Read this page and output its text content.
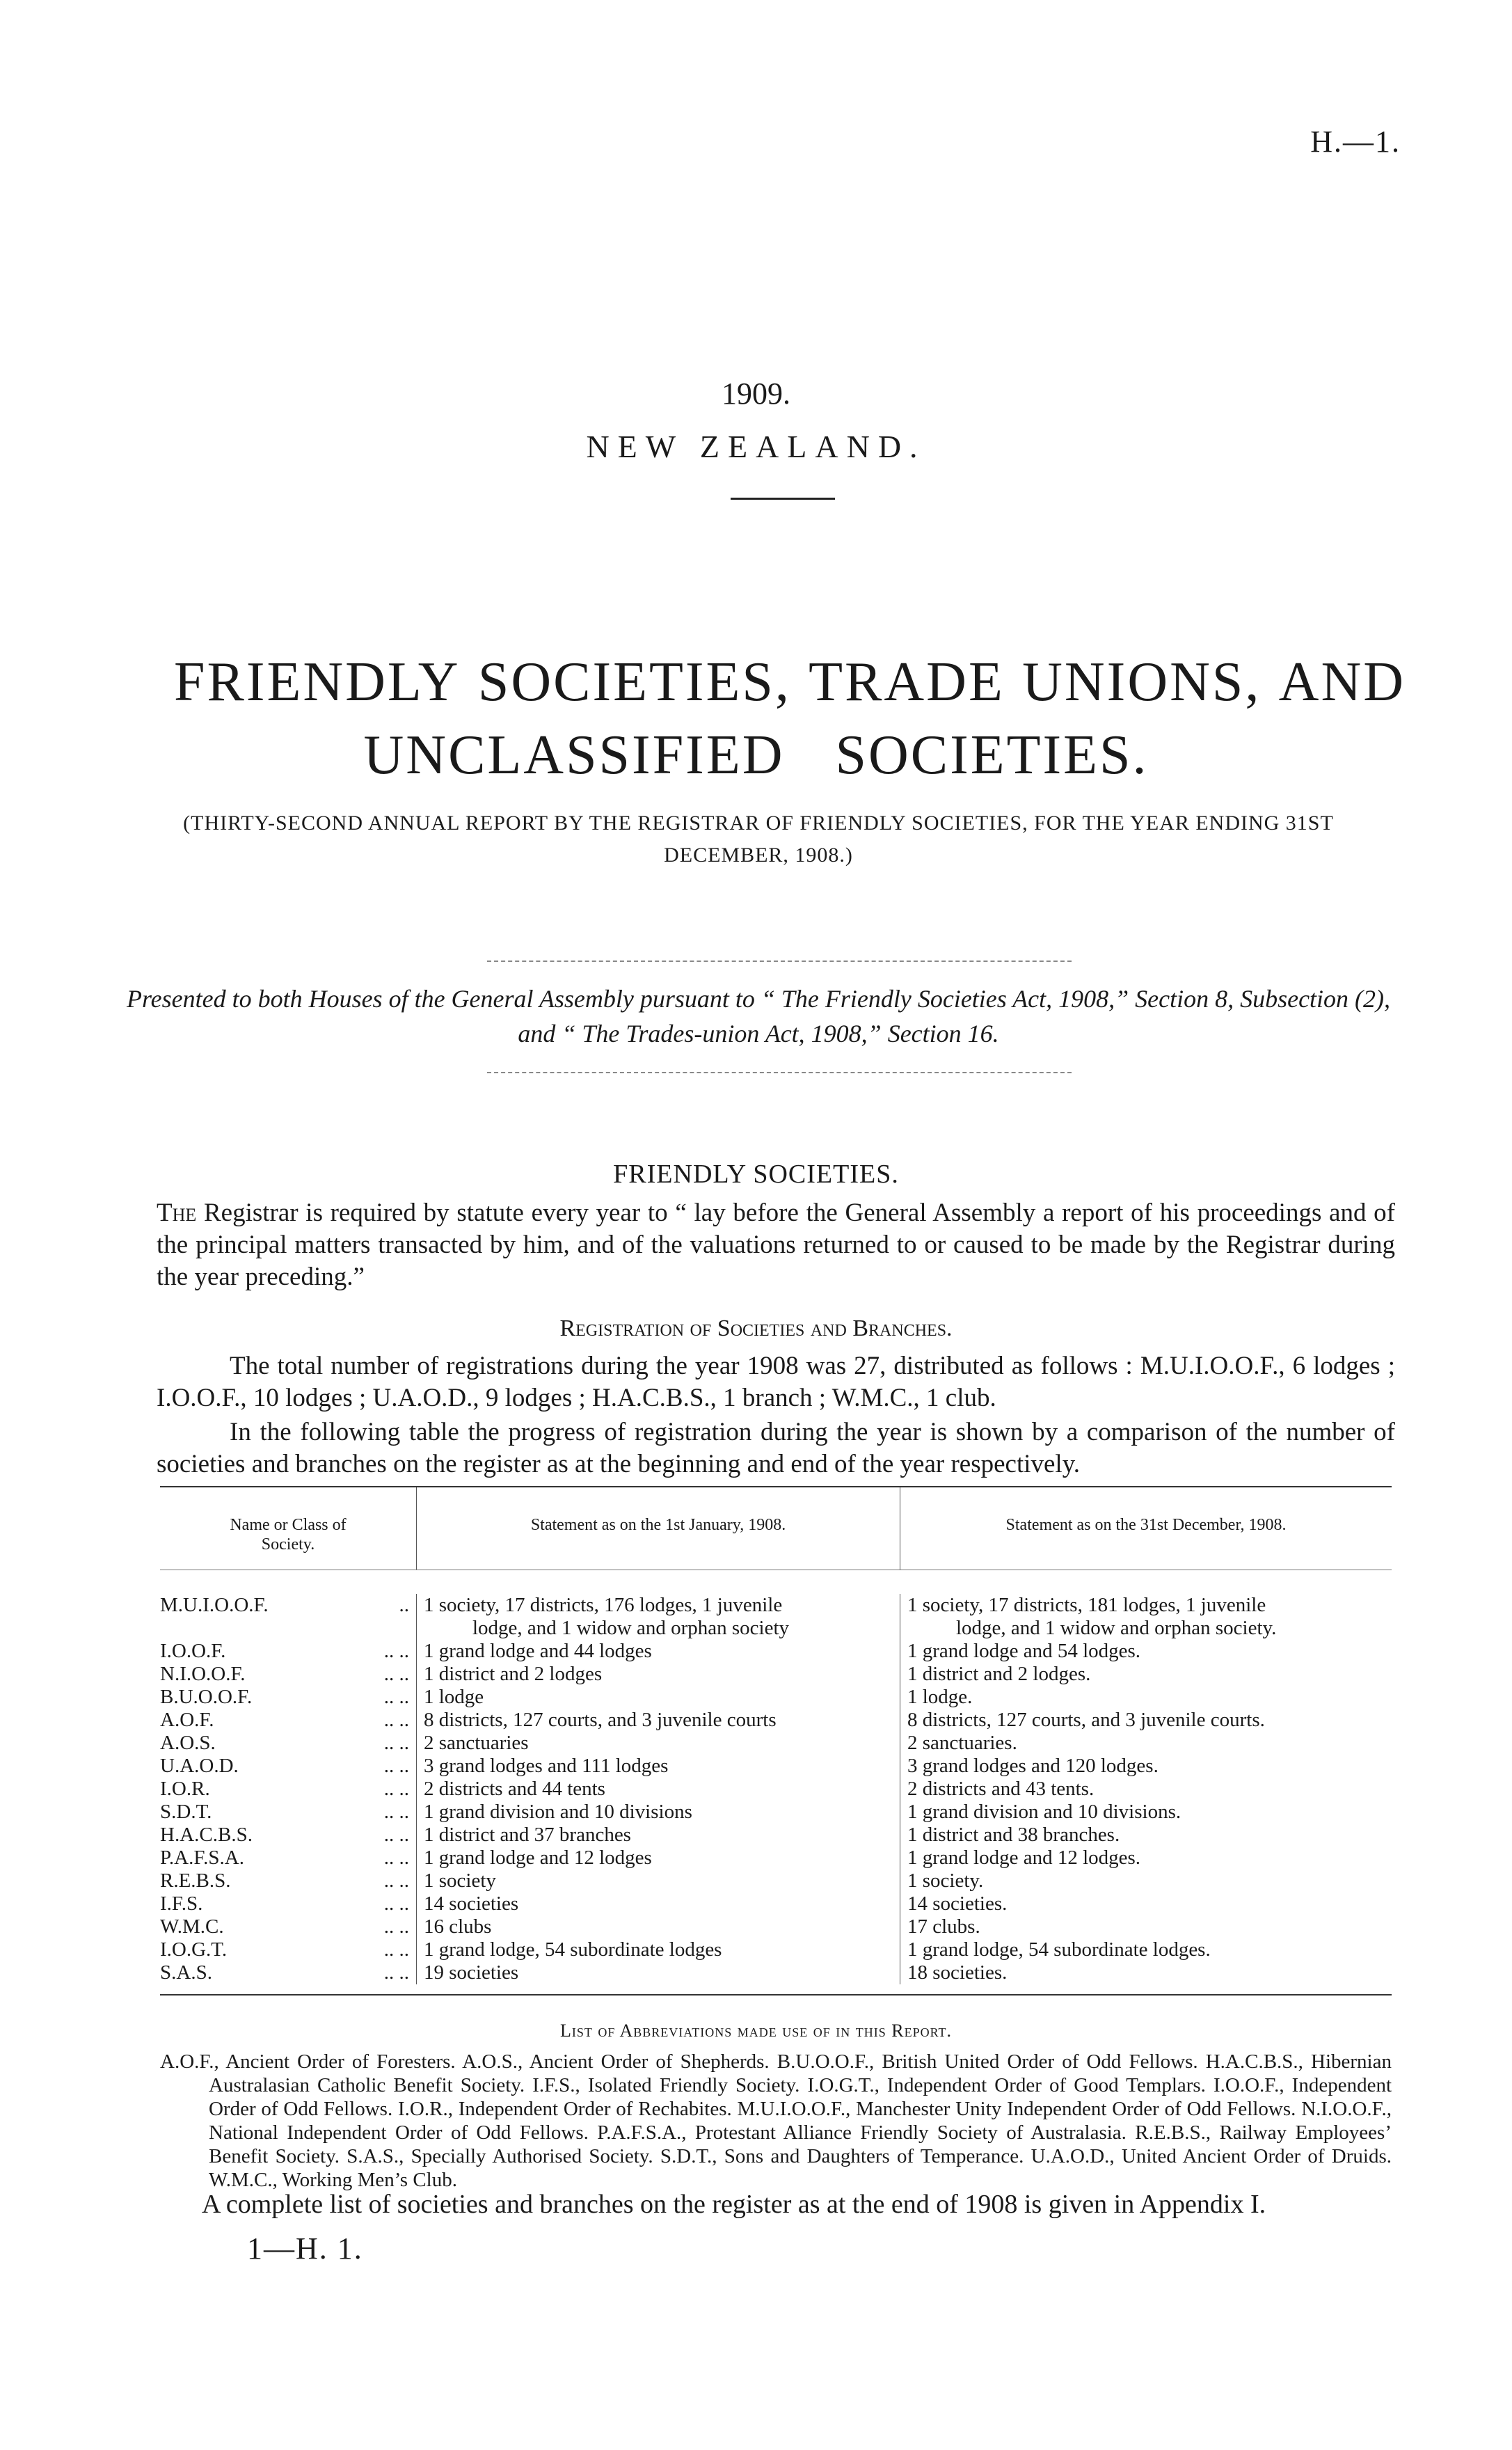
H.—1.
1909.
NEW ZEALAND.
FRIENDLY SOCIETIES, TRADE UNIONS, AND
UNCLASSIFIED SOCIETIES.
(THIRTY-SECOND ANNUAL REPORT BY THE REGISTRAR OF FRIENDLY SOCIETIES, FOR THE YEAR ENDING 31ST DECEMBER, 1908.)
Presented to both Houses of the General Assembly pursuant to “ The Friendly Societies Act, 1908,” Section 8, Subsection (2), and “ The Trades-union Act, 1908,” Section 16.
FRIENDLY SOCIETIES.
The Registrar is required by statute every year to “ lay before the General Assembly a report of his proceedings and of the principal matters transacted by him, and of the valuations returned to or caused to be made by the Registrar during the year preceding.”
Registration of Societies and Branches.
The total number of registrations during the year 1908 was 27, distributed as follows : M.U.I.O.O.F., 6 lodges ; I.O.O.F., 10 lodges ; U.A.O.D., 9 lodges ; H.A.C.B.S., 1 branch ; W.M.C., 1 club.
In the following table the progress of registration during the year is shown by a comparison of the number of societies and branches on the register as at the beginning and end of the year respectively.
Name or Class of Society.
Statement as on the 1st January, 1908.	Statement as on the 31st December, 1908.
M.U.I.O.O.F.	.. 1 society, 17 districts, 176 lodges, 1 juvenile	1 society, 17 districts, 181 lodges, 1 juvenile
lodge, and 1 widow and orphan society	lodge, and 1 widow and orphan society.
I.O.O.F.	.. .. 1 grand lodge and 44 lodges	1 grand lodge and 54 lodges.
N.I.O.O.F.	.. .. 1 district and 2 lodges	1 district and 2 lodges.
B.U.O.O.F.	.. .. 1 lodge	1 lodge.
A.O.F.	.. .. 8 districts, 127 courts, and 3 juvenile courts	8 districts, 127 courts, and 3 juvenile courts.
A.O.S.	.. .. 2 sanctuaries	2 sanctuaries.
U.A.O.D.	.. .. 3 grand lodges and 111 lodges	3 grand lodges and 120 lodges.
I.O.R.	.. .. 2 districts and 44 tents	2 districts and 43 tents.
S.D.T.	.. .. 1 grand division and 10 divisions	1 grand division and 10 divisions.
H.A.C.B.S.	.. .. 1 district and 37 branches	1 district and 38 branches.
P.A.F.S.A.	.. .. 1 grand lodge and 12 lodges	1 grand lodge and 12 lodges.
R.E.B.S.	.. .. 1 society	1 society.
I.F.S.	.. .. 14 societies	14 societies.
W.M.C.	.. .. 16 clubs	17 clubs.
I.O.G.T.	.. .. 1 grand lodge, 54 subordinate lodges	1 grand lodge, 54 subordinate lodges.
S.A.S.	.. .. 19 societies	18 societies.
List of Abbreviations made use of in this Report.

A.O.F., Ancient Order of Foresters. A.O.S., Ancient Order of Shepherds. B.U.O.O.F., British United Order of Odd Fellows. H.A.C.B.S., Hibernian Australasian Catholic Benefit Society. I.F.S., Isolated Friendly Society. I.O.G.T., Independent Order of Good Templars. I.O.O.F., Independent Order of Odd Fellows. I.O.R., Independent Order of Rechabites. M.U.I.O.O.F., Manchester Unity Independent Order of Odd Fellows. N.I.O.O.F., National Independent Order of Odd Fellows. P.A.F.S.A., Protestant Alliance Friendly Society of Australasia. R.E.B.S., Railway Employees’ Benefit Society. S.A.S., Specially Authorised Society. S.D.T., Sons and Daughters of Temperance. U.A.O.D., United Ancient Order of Druids. W.M.C., Working Men’s Club.

A complete list of societies and branches on the register as at the end of 1908 is given in Appendix I.
1—H. 1.
